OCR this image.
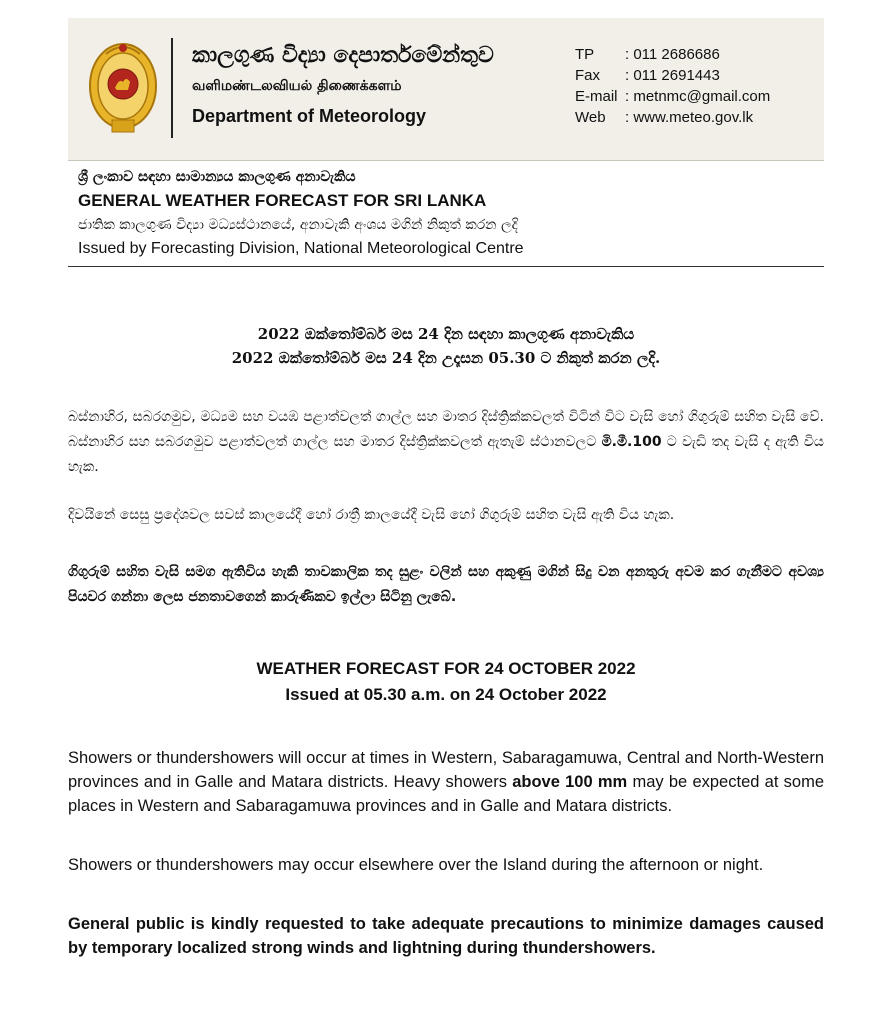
කාලගුණ විද්‍යා දෙපාර්තමේන්තුව
வளிமண்டலவியல் திணைக்களம்
Department of Meteorology
TP	: 011 2686686
Fax	: 011 2691443
E-mail : metnmc@gmail.com
Web	: www.meteo.gov.lk
ශ්‍රී ලංකාව සඳහා සාමාන්‍යය කාලගුණ අනාවැකිය
GENERAL WEATHER FORECAST FOR SRI LANKA
ජාතික කාලගුණ විද්‍යා මධ්‍යස්ථානයේ, අනාවැකි අංශය මගින් නිකුත් කරන ලදි
Issued by Forecasting Division, National Meteorological Centre
2022 ඔක්තෝම්බර් මස 24 දින සඳහා කාලගුණ අනාවැකිය
2022 ඔක්තෝම්බර් මස 24 දින උදෑසන 05.30 ට නිකුත් කරන ලදි.
බස්නාහිර, සබරගමුව, මධ්‍යම සහ වයඹ පළාත්වලත් ගාල්ල සහ මාතර දිස්ත්‍රික්කවලත් විටින් විට වැසි හෝ ගිගුරුම් සහිත වැසි වේ. බස්නාහිර සහ සබරගමුව පළාත්වලත් ගාල්ල සහ මාතර දිස්ත්‍රික්කවලත් ඇතැම් ස්ථානවලට මි.මී.100 ට වැඩි තද වැසි ද ඇති විය හැක.
දිවයිනේ සෙසු ප්‍රදේශවල සවස් කාලයේදී හෝ රාත්‍රී කාලයේදී වැසි හෝ ගිගුරුම් සහිත වැසි ඇති විය හැක.
ගිගුරුම් සහිත වැසි සමග ඇතිවිය හැකි තාවකාලික තද සුළං වලින් සහ අකුණු මගින් සිදු වන අනතුරු අවම කර ගැනීමට අවශ්‍ය පියවර ගන්නා ලෙස ජනතාවගෙන් කාරුණිකව ඉල්ලා සිටිනු ලැබේ.
WEATHER FORECAST FOR 24 OCTOBER 2022
Issued at 05.30 a.m. on 24 October 2022
Showers or thundershowers will occur at times in Western, Sabaragamuwa, Central and North-Western provinces and in Galle and Matara districts. Heavy showers above 100 mm may be expected at some places in Western and Sabaragamuwa provinces and in Galle and Matara districts.
Showers or thundershowers may occur elsewhere over the Island during the afternoon or night.
General public is kindly requested to take adequate precautions to minimize damages caused by temporary localized strong winds and lightning during thundershowers.
